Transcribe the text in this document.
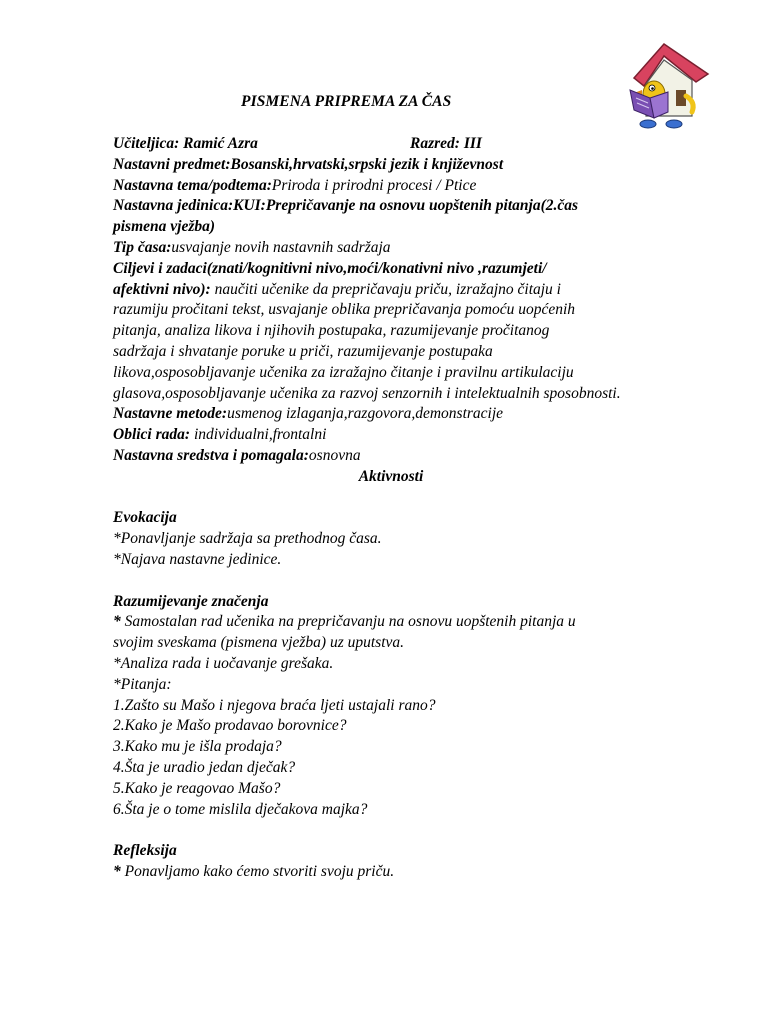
PISMENA PRIPREMA ZA ČAS
Učiteljica: Ramić Azra	Razred: III
Nastavni predmet:Bosanski,hrvatski,srpski jezik i književnost
Nastavna tema/podtema:Priroda i prirodni procesi / Ptice
Nastavna jedinica:KUI:Prepričavanje na osnovu uopštenih pitanja(2.čas
pismena vježba)
Tip časa:usvajanje novih nastavnih sadržaja
Ciljevi i zadaci(znati/kognitivni nivo,moći/konativni nivo ,razumjeti/
afektivni nivo): naučiti učenike da prepričavaju priču, izražajno čitaju i
razumiju pročitani tekst, usvajanje oblika prepričavanja pomoću uopćenih
pitanja, analiza likova i njihovih postupaka, razumijevanje pročitanog
sadržaja i shvatanje poruke u priči, razumijevanje postupaka
likova,osposobljavanje učenika za izražajno čitanje i pravilnu artikulaciju
glasova,osposobljavanje učenika za razvoj senzornih i intelektualnih sposobnosti.
Nastavne metode:usmenog izlaganja,razgovora,demonstracije
Oblici rada: individualni,frontalni
Nastavna sredstva i pomagala:osnovna
Aktivnosti
Evokacija
*Ponavljanje sadržaja sa prethodnog časa.
*Najava nastavne jedinice.
Razumijevanje značenja
* Samostalan rad učenika na prepričavanju na osnovu uopštenih pitanja u
svojim sveskama (pismena vježba) uz uputstva.
*Analiza rada i uočavanje grešaka.
*Pitanja:
1.Zašto su Mašo i njegova braća ljeti ustajali rano?
2.Kako je Mašo prodavao borovnice?
3.Kako mu je išla prodaja?
4.Šta je uradio jedan dječak?
5.Kako je reagovao Mašo?
6.Šta je o tome mislila dječakova majka?
Refleksija
* Ponavljamo kako ćemo stvoriti svoju priču.
